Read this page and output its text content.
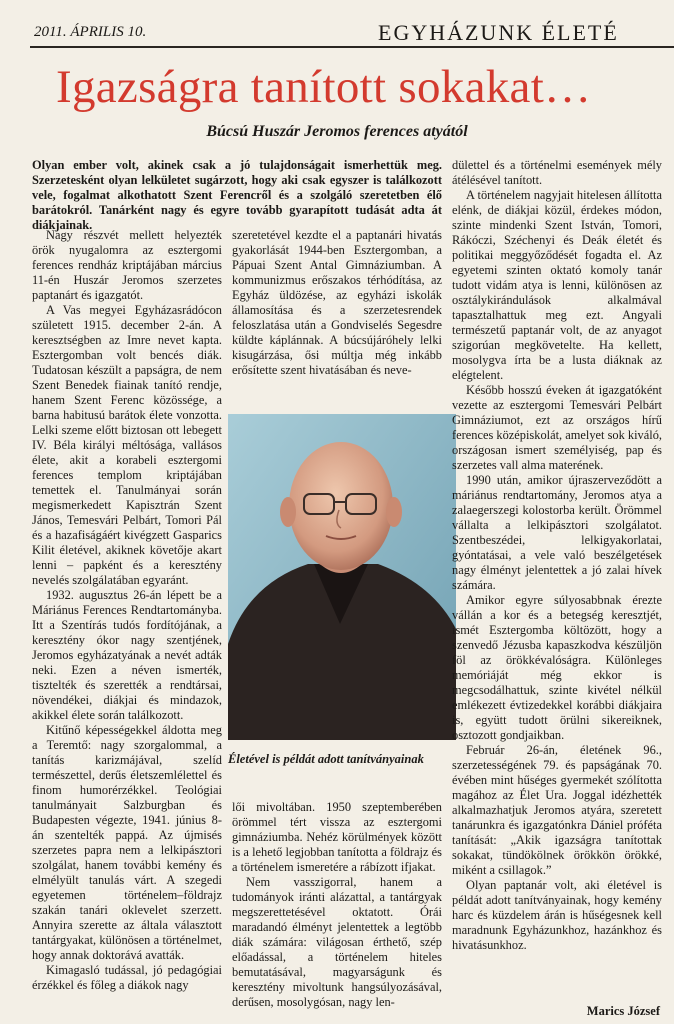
2011. ÁPRILIS 10.	EGYHÁZUNK ÉLETÉ
Igazságra tanított sokakat…
Búcsú Huszár Jeromos ferences atyától

Olyan ember volt, akinek csak a jó tulajdonságait ismerhettük meg. Szerzetesként olyan lelkületet sugárzott, hogy aki csak egyszer is találkozott vele, fogalmat alkothatott Szent Ferencről és a szolgáló szeretetben élő barátokról. Tanárként nagy és egyre tovább gyarapított tudását adta át diákjainak.

Nagy részvét mellett helyezték örök nyugalomra az esztergomi ferences rendház kriptájában március 11-én Huszár Jeromos szerzetes paptanárt és igazgatót.

A Vas megyei Egyházasrádócon született 1915. december 2-án. A keresztségben az Imre nevet kapta. Esztergomban volt bencés diák. Tudatosan készült a papságra, de nem Szent Benedek fiainak tanító rendje, hanem Szent Ferenc közössége, a barna habitusú barátok élete vonzotta. Lelki szeme előtt biztosan ott lebegett IV. Béla királyi méltósága, vallásos élete, akit a korabeli esztergomi ferences templom kriptájában temettek el. Tanulmányai során megismerkedett Kapisztrán Szent János, Temesvári Pelbárt, Tomori Pál és a hazafiságáért kivégzett Gasparics Kilit életével, akiknek követője akart lenni – papként és a keresztény nevelés szolgálatában egyaránt.

1932. augusztus 26-án lépett be a Máriánus Ferences Rendtartományba. Itt a Szentírás tudós fordítójának, a keresztény ókor nagy szentjének, Jeromos egyházatyának a nevét adták neki. Ezen a néven ismerték, tisztelték és szerették a rendtársai, növendékei, diákjai és mindazok, akikkel élete során találkozott.

Kitűnő képességekkel áldotta meg a Teremtő: nagy szorgalommal, a tanítás karizmájával, szelíd természettel, derűs életszemlélettel és finom humorérzékkel. Teológiai tanulmányait Salzburgban és Budapesten végezte, 1941. június 8-án szentelték pappá. Az újmisés szerzetes papra nem a lelkipásztori szolgálat, hanem további kemény és elmélyült tanulás várt. A szegedi egyetemen történelem–földrajz szakán tanári oklevelet szerzett. Annyira szerette az általa választott tantárgyakat, különösen a történelmet, hogy annak doktorává avatták.

Kimagasló tudással, jó pedagógiai érzékkel és főleg a diákok nagy

szeretetével kezdte el a paptanári hivatás gyakorlását 1944-ben Esztergomban, a Pápuai Szent Antal Gimnáziumban. A kommunizmus erőszakos térhódítása, az Egyház üldözése, az egyházi iskolák államosítása és a szerzetesrendek feloszlatása után a Gondviselés Segesdre küldte káplánnak. A búcsújáróhely lelki kisugárzása, ősi múltja még inkább erősítette szent hivatásában és neve-

Életével is példát adott tanítványainak

lői mivoltában. 1950 szeptemberében örömmel tért vissza az esztergomi gimnáziumba. Nehéz körülmények között is a lehető legjobban tanította a földrajz és a történelem ismeretére a rábízott ifjakat.

Nem vasszigorral, hanem a tudományok iránti alázattal, a tantárgyak megszerettetésével oktatott. Órái maradandó élményt jelentettek a legtöbb diák számára: világosan érthető, szép előadással, a történelem hiteles bemutatásával, magyarságunk és keresztény mivoltunk hangsúlyozásával, derűsen, mosolygósan, nagy len-

dülettel és a történelmi események mély átélésével tanított.

A történelem nagyjait hitelesen állította elénk, de diákjai közül, érdekes módon, szinte mindenki Szent István, Tomori, Rákóczi, Széchenyi és Deák életét és politikai meggyőződését fogadta el. Az egyetemi szinten oktató komoly tanár tudott vidám atya is lenni, különösen az osztálykirándulások alkalmával tapasztalhattuk meg ezt. Angyali természetű paptanár volt, de az anyagot szigorúan megkövetelte. Ha kellett, mosolygva írta be a lusta diáknak az elégtelent.

Később hosszú éveken át igazgatóként vezette az esztergomi Temesvári Pelbárt Gimnáziumot, ezt az országos hírű ferences középiskolát, amelyet sok kiváló, országosan ismert személyiség, pap és szerzetes vall alma materének.

1990 után, amikor újraszerveződött a máriánus rendtartomány, Jeromos atya a zalaegerszegi kolostorba került. Örömmel vállalta a lelkipásztori szolgálatot. Szentbeszédei, lelkigyakorlatai, gyóntatásai, a vele való beszélgetések nagy élményt jelentettek a jó zalai hívek számára.

Amikor egyre súlyosabbnak érezte vállán a kor és a betegség keresztjét, ismét Esztergomba költözött, hogy a szenvedő Jézusba kapaszkodva készüljön föl az örökkévalóságra. Különleges memóriáját még ekkor is megcsodálhattuk, szinte kivétel nélkül emlékezett évtizedekkel korábbi diákjaira is, együtt tudott örülni sikereiknek, osztozott gondjaikban.

Február 26-án, életének 96., szerzetességének 79. és papságának 70. évében mint hűséges gyermekét szólította magához az Élet Ura. Joggal idézhették alkalmazhatjuk Jeromos atyára, szeretett tanárunkra és igazgatónkra Dániel próféta tanítását: „Akik igazságra tanítottak sokakat, tündökölnek örökkön örökké, miként a csillagok.”

Olyan paptanár volt, aki életével is példát adott tanítványainak, hogy kemény harc és küzdelem árán is hűségesnek kell maradnunk Egyházunkhoz, hazánkhoz és hivatásunkhoz.

Marics József
